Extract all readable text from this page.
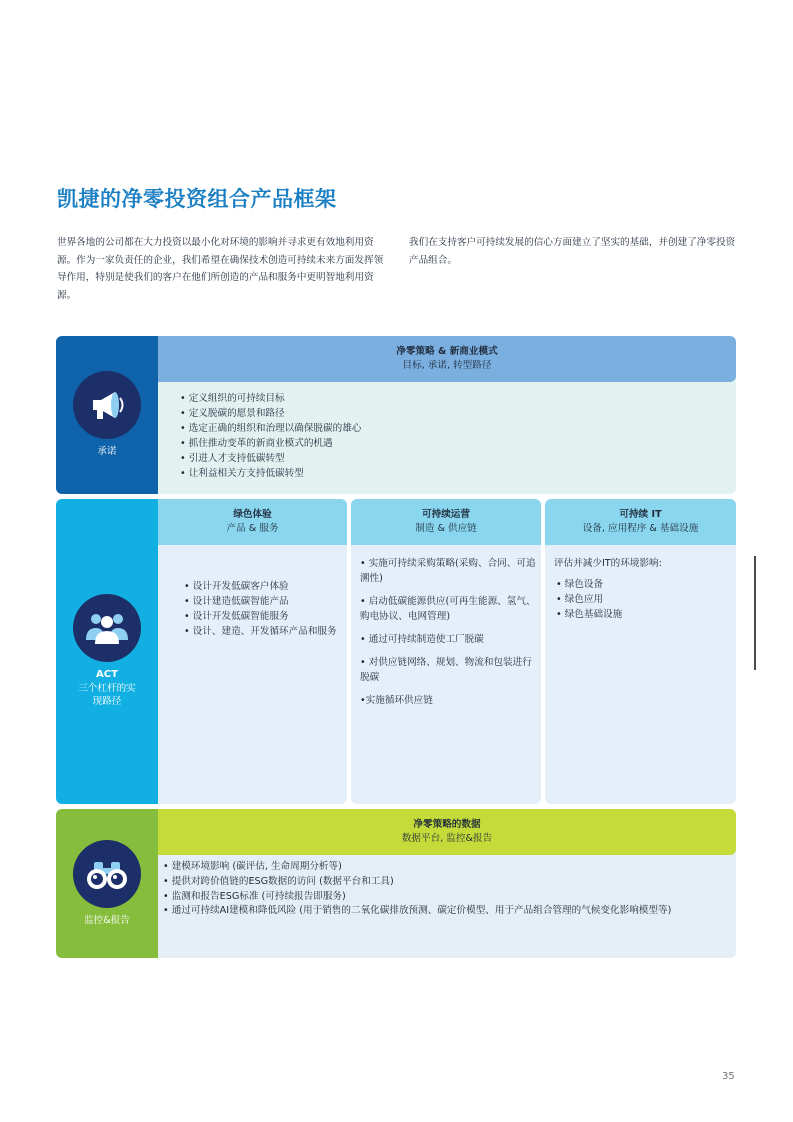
凯捷的净零投资组合产品框架
世界各地的公司都在大力投资以最小化对环境的影响并寻求更有效地利用资源。作为一家负责任的企业，我们希望在确保技术创造可持续未来方面发挥领导作用，特别是使我们的客户在他们所创造的产品和服务中更明智地利用资源。
我们在支持客户可持续发展的信心方面建立了坚实的基础，并创建了净零投资产品组合。
承诺
净零策略 & 新商业模式
目标, 承诺, 转型路径
• 定义组织的可持续目标
• 定义脱碳的愿景和路径
• 选定正确的组织和治理以确保脱碳的雄心
• 抓住推动变革的新商业模式的机遇
• 引进人才支持低碳转型
• 让利益相关方支持低碳转型
ACT
三个杠杆的实现路径
绿色体验
产品 & 服务
• 设计开发低碳客户体验
• 设计建造低碳智能产品
• 设计开发低碳智能服务
• 设计、建造、开发循环产品和服务
可持续运营
制造 & 供应链
• 实施可持续采购策略(采购、合同、可追溯性)
• 启动低碳能源供应(可再生能源、氢气、购电协议、电网管理)
• 通过可持续制造使工厂脱碳
• 对供应链网络、规划、物流和包装进行脱碳
•实施循环供应链
可持续 IT
设备, 应用程序 & 基础设施
评估并减少IT的环境影响:
• 绿色设备
• 绿色应用
• 绿色基础设施
监控&报告
净零策略的数据
数据平台, 监控&报告
• 建模环境影响 (碳评估, 生命周期分析等)
• 提供对跨价值链的ESG数据的访问 (数据平台和工具)
• 监测和报告ESG标准 (可持续报告即服务)
• 通过可持续AI建模和降低风险 (用于销售的二氧化碳排放预测、碳定价模型、用于产品组合管理的气候变化影响模型等)
35
